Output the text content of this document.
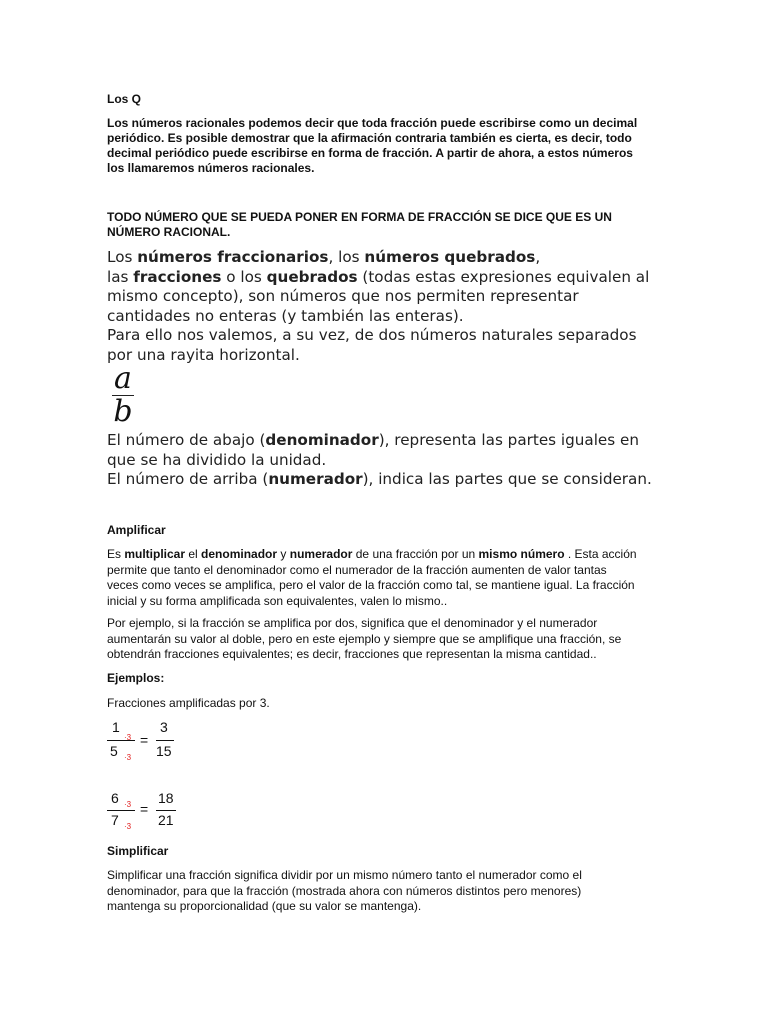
Los Q
Los números racionales podemos decir que toda fracción puede escribirse como un decimal
periódico. Es posible demostrar que la afirmación contraria también es cierta, es decir, todo
decimal periódico puede escribirse en forma de fracción. A partir de ahora, a estos números
los llamaremos números racionales.
TODO NÚMERO QUE SE PUEDA PONER EN FORMA DE FRACCIÓN SE DICE QUE ES UN
NÚMERO RACIONAL.
Los números fraccionarios, los números quebrados,
las fracciones o los quebrados (todas estas expresiones equivalen al
mismo concepto), son números que nos permiten representar
cantidades no enteras (y también las enteras).
Para ello nos valemos, a su vez, de dos números naturales separados
por una rayita horizontal.
a
b
El número de abajo (denominador), representa las partes iguales en
que se ha dividido la unidad.
El número de arriba (numerador), indica las partes que se consideran.
Amplificar
Es multiplicar el denominador y numerador de una fracción por un mismo número . Esta acción
permite que tanto el denominador como el numerador de la fracción aumenten de valor tantas
veces como veces se amplifica, pero el valor de la fracción como tal, se mantiene igual. La fracción
inicial y su forma amplificada son equivalentes, valen lo mismo..
Por ejemplo, si la fracción se amplifica por dos, significa que el denominador y el numerador
aumentarán su valor al doble, pero en este ejemplo y siempre que se amplifique una fracción, se
obtendrán fracciones equivalentes; es decir, fracciones que representan la misma cantidad..
Ejemplos:
Fracciones amplificadas por 3.
1
·3
5 ·3
=
3
15
6 ·3
7 ·3
=
18
21
Simplificar
Simplificar una fracción significa dividir por un mismo número tanto el numerador como el
denominador, para que la fracción (mostrada ahora con números distintos pero menores)
mantenga su proporcionalidad (que su valor se mantenga).
